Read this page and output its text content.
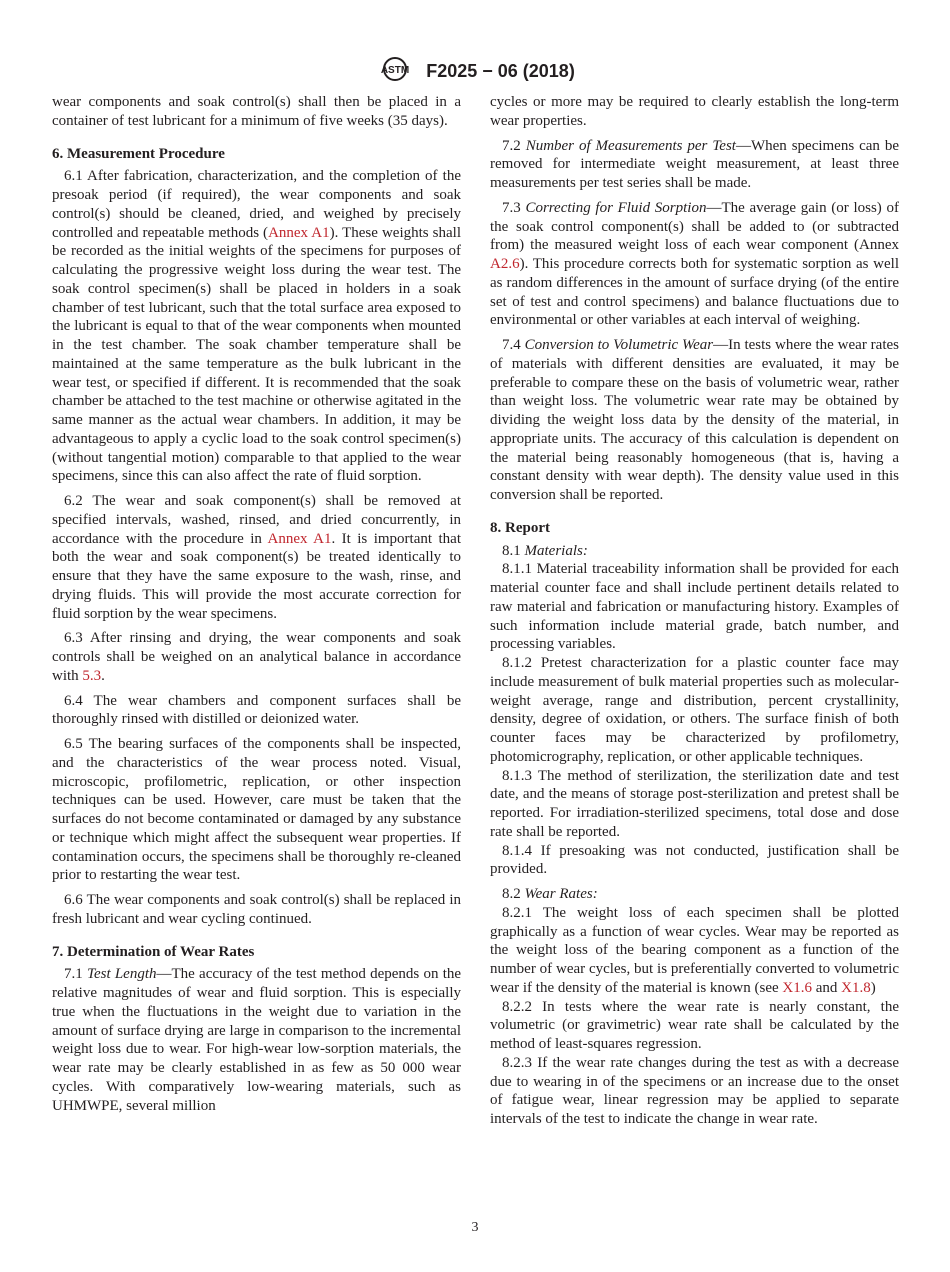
ASTM F2025 − 06 (2018)
wear components and soak control(s) shall then be placed in a container of test lubricant for a minimum of five weeks (35 days).
6. Measurement Procedure
6.1 After fabrication, characterization, and the completion of the presoak period (if required), the wear components and soak control(s) should be cleaned, dried, and weighed by precisely controlled and repeatable methods (Annex A1). These weights shall be recorded as the initial weights of the specimens for purposes of calculating the progressive weight loss during the wear test. The soak control specimen(s) shall be placed in holders in a soak chamber of test lubricant, such that the total surface area exposed to the lubricant is equal to that of the wear components when mounted in the test chamber. The soak chamber temperature shall be maintained at the same temperature as the bulk lubricant in the wear test, or specified if different. It is recommended that the soak chamber be attached to the test machine or otherwise agitated in the same manner as the actual wear chambers. In addition, it may be advantageous to apply a cyclic load to the soak control specimen(s) (without tangential motion) comparable to that applied to the wear specimens, since this can also affect the rate of fluid sorption.
6.2 The wear and soak component(s) shall be removed at specified intervals, washed, rinsed, and dried concurrently, in accordance with the procedure in Annex A1. It is important that both the wear and soak component(s) be treated identically to ensure that they have the same exposure to the wash, rinse, and drying fluids. This will provide the most accurate correction for fluid sorption by the wear specimens.
6.3 After rinsing and drying, the wear components and soak controls shall be weighed on an analytical balance in accordance with 5.3.
6.4 The wear chambers and component surfaces shall be thoroughly rinsed with distilled or deionized water.
6.5 The bearing surfaces of the components shall be inspected, and the characteristics of the wear process noted. Visual, microscopic, profilometric, replication, or other inspection techniques can be used. However, care must be taken that the surfaces do not become contaminated or damaged by any substance or technique which might affect the subsequent wear properties. If contamination occurs, the specimens shall be thoroughly re-cleaned prior to restarting the wear test.
6.6 The wear components and soak control(s) shall be replaced in fresh lubricant and wear cycling continued.
7. Determination of Wear Rates
7.1 Test Length—The accuracy of the test method depends on the relative magnitudes of wear and fluid sorption. This is especially true when the fluctuations in the weight due to variation in the amount of surface drying are large in comparison to the incremental weight loss due to wear. For high-wear low-sorption materials, the wear rate may be clearly established in as few as 50 000 wear cycles. With comparatively low-wearing materials, such as UHMWPE, several million
cycles or more may be required to clearly establish the long-term wear properties.
7.2 Number of Measurements per Test—When specimens can be removed for intermediate weight measurement, at least three measurements per test series shall be made.
7.3 Correcting for Fluid Sorption—The average gain (or loss) of the soak control component(s) shall be added to (or subtracted from) the measured weight loss of each wear component (Annex A2.6). This procedure corrects both for systematic sorption as well as random differences in the amount of surface drying (of the entire set of test and control specimens) and balance fluctuations due to environmental or other variables at each interval of weighing.
7.4 Conversion to Volumetric Wear—In tests where the wear rates of materials with different densities are evaluated, it may be preferable to compare these on the basis of volumetric wear, rather than weight loss. The volumetric wear rate may be obtained by dividing the weight loss data by the density of the material, in appropriate units. The accuracy of this calculation is dependent on the material being reasonably homogeneous (that is, having a constant density with wear depth). The density value used in this conversion shall be reported.
8. Report
8.1 Materials:
8.1.1 Material traceability information shall be provided for each material counter face and shall include pertinent details related to raw material and fabrication or manufacturing history. Examples of such information include material grade, batch number, and processing variables.
8.1.2 Pretest characterization for a plastic counter face may include measurement of bulk material properties such as molecular-weight average, range and distribution, percent crystallinity, density, degree of oxidation, or others. The surface finish of both counter faces may be characterized by profilometry, photomicrography, replication, or other applicable techniques.
8.1.3 The method of sterilization, the sterilization date and test date, and the means of storage post-sterilization and pretest shall be reported. For irradiation-sterilized specimens, total dose and dose rate shall be reported.
8.1.4 If presoaking was not conducted, justification shall be provided.
8.2 Wear Rates:
8.2.1 The weight loss of each specimen shall be plotted graphically as a function of wear cycles. Wear may be reported as the weight loss of the bearing component as a function of the number of wear cycles, but is preferentially converted to volumetric wear if the density of the material is known (see X1.6 and X1.8)
8.2.2 In tests where the wear rate is nearly constant, the volumetric (or gravimetric) wear rate shall be calculated by the method of least-squares regression.
8.2.3 If the wear rate changes during the test as with a decrease due to wearing in of the specimens or an increase due to the onset of fatigue wear, linear regression may be applied to separate intervals of the test to indicate the change in wear rate.
3
